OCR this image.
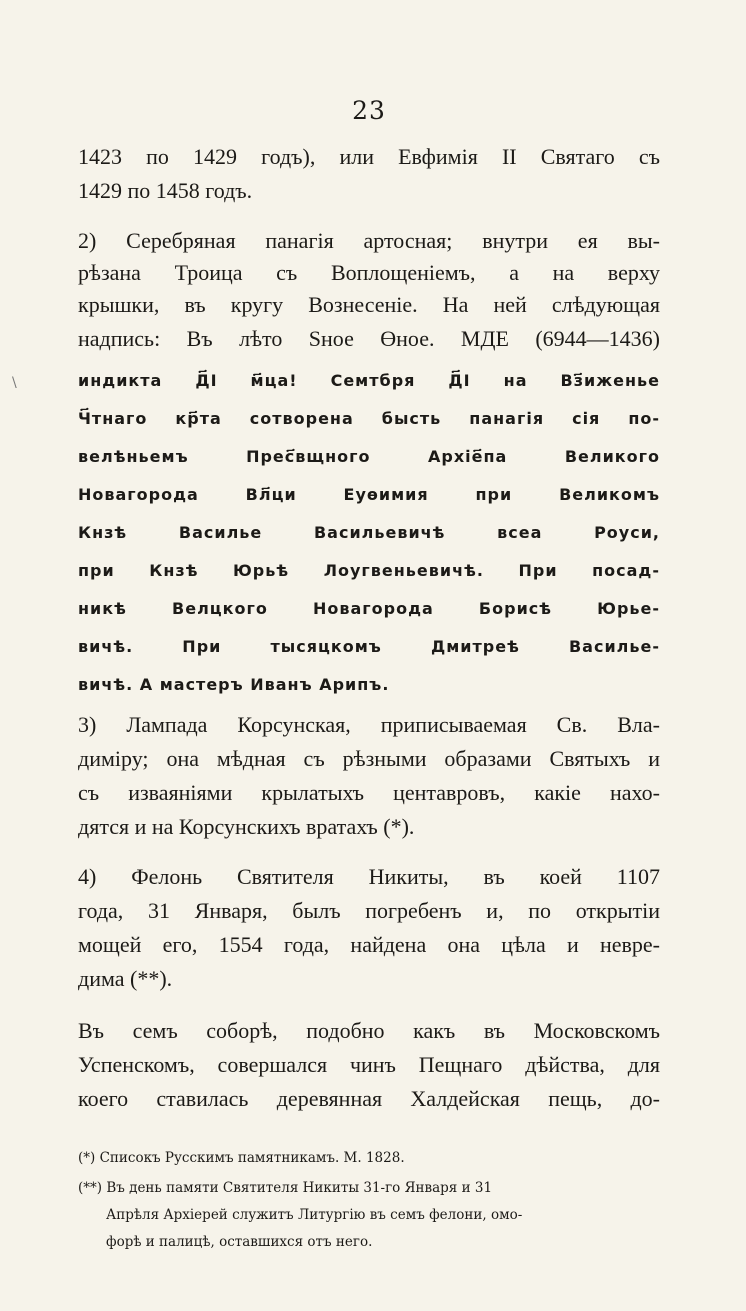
23
1423 по 1429 годъ), или Евфимія II Святаго съ
1429 по 1458 годъ.
2) Серебряная панагія артосная; внутри ея вы-
рѣзана Троица съ Воплощеніемъ, а на верху
крышки, въ кругу Вознесеніе. На ней слѣдующая
надпись: Въ лѣто Ѕное Өное. МДЕ (6944—1436)
индикта Д҃І м҃ца! Семтбря Д҃І на Вз҃иженье
Ч҃тнаго кр҃та сотворена бысть панагія сія по-
велѣньемъ Прес҃вщного Архіе҃па Великого
Новагорода Вл҃ци Еуөимия при Великомъ
Кнзѣ Василье Васильевичѣ всеа Роуси,
при Кнзѣ Юрьѣ Лоугвеньевичѣ. При посад-
никѣ Велцкого Новагорода Борисѣ Юрье-
вичѣ. При тысяцкомъ Дмитреѣ Василье-
вичѣ. А мастеръ Иванъ Арипъ.
3) Лампада Корсунская, приписываемая Св. Вла-
димiру; она мѣдная съ рѣзными образами Святыхъ и
съ изваяніями крылатыхъ центавровъ, какіе нахо-
дятся и на Корсунскихъ вратахъ (*).
4) Фелонь Святителя Никиты, въ коей 1107
года, 31 Января, былъ погребенъ и, по открытіи
мощей его, 1554 года, найдена она цѣла и невре-
дима (**).
Въ семъ соборѣ, подобно какъ въ Московскомъ
Успенскомъ, совершался чинъ Пещнаго дѣйства, для
коего ставилась деревянная Халдейская пещь, до-
(*) Списокъ Русскимъ памятникамъ. М. 1828.
(**) Въ день памяти Святителя Никиты 31-го Января и 31
Апрѣля Архіерей служитъ Литургію въ семъ фелони, омо-
форѣ и палицѣ, оставшихся отъ него.
\
